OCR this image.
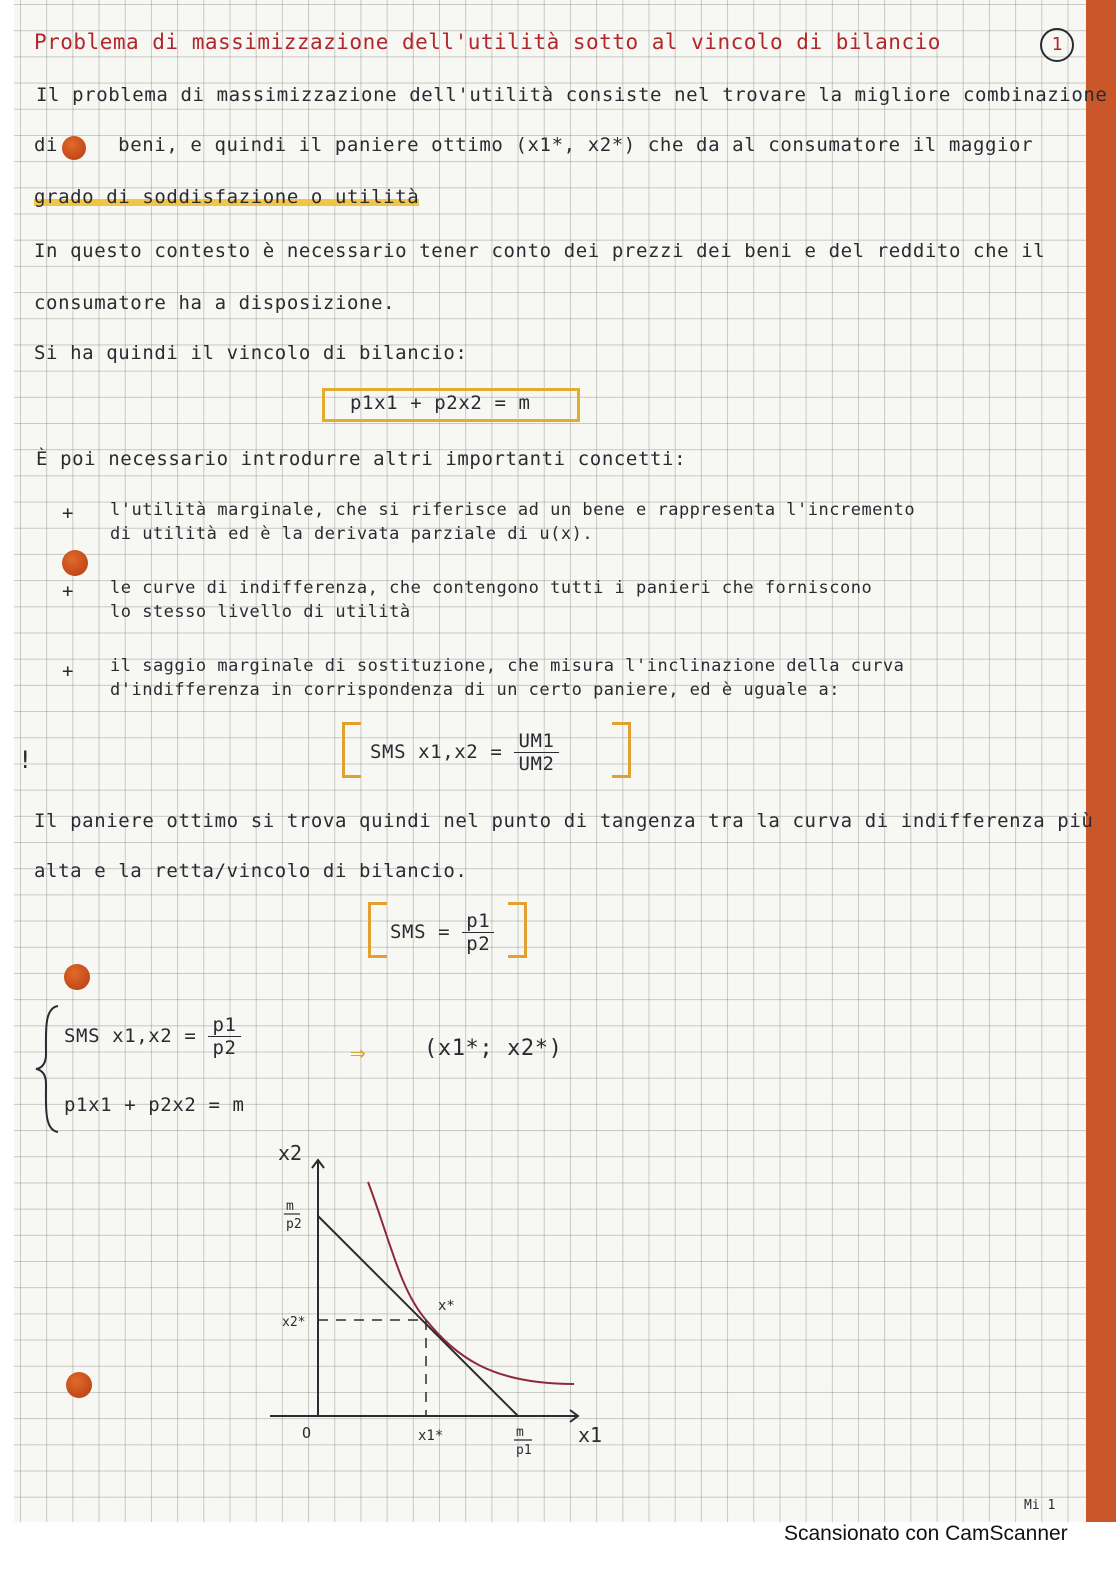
Problema di massimizzazione dell'utilità sotto al vincolo di bilancio	1
Il problema di massimizzazione dell'utilità consiste nel trovare la migliore combinazione
di	beni, e quindi il paniere ottimo (x1*, x2*) che da al consumatore il maggior
grado di soddisfazione o utilità
In questo contesto è necessario tener conto dei prezzi dei beni e del reddito che il
consumatore ha a disposizione.
Si ha quindi il vincolo di bilancio:
p1x1 + p2x2 = m
È poi necessario introdurre altri importanti concetti:
+ l'utilità marginale, che si riferisce ad un bene e rappresenta l'incremento
di utilità ed è la derivata parziale di u(x).
+ le curve di indifferenza, che contengono tutti i panieri che forniscono
lo stesso livello di utilità
+ il saggio marginale di sostituzione, che misura l'inclinazione della curva
d'indifferenza in corrispondenza di un certo paniere, ed è uguale a:
SMS $x1,x2 = \frac{UM1}{UM2}$
!
Il paniere ottimo si trova quindi nel punto di tangenza tra la curva di indifferenza più
alta e la retta/vincolo di bilancio.
SMS = $\frac{p1}{p2}$
SMS $x1,x2 = \frac{p1}{p2}$
p1x1 + p2x2 = m
⇒	(x1*; x2*)
x2
x1
O
m
p2
m
p1
x1*
x2*
x*
Mi 1
Scansionato con CamScanner
